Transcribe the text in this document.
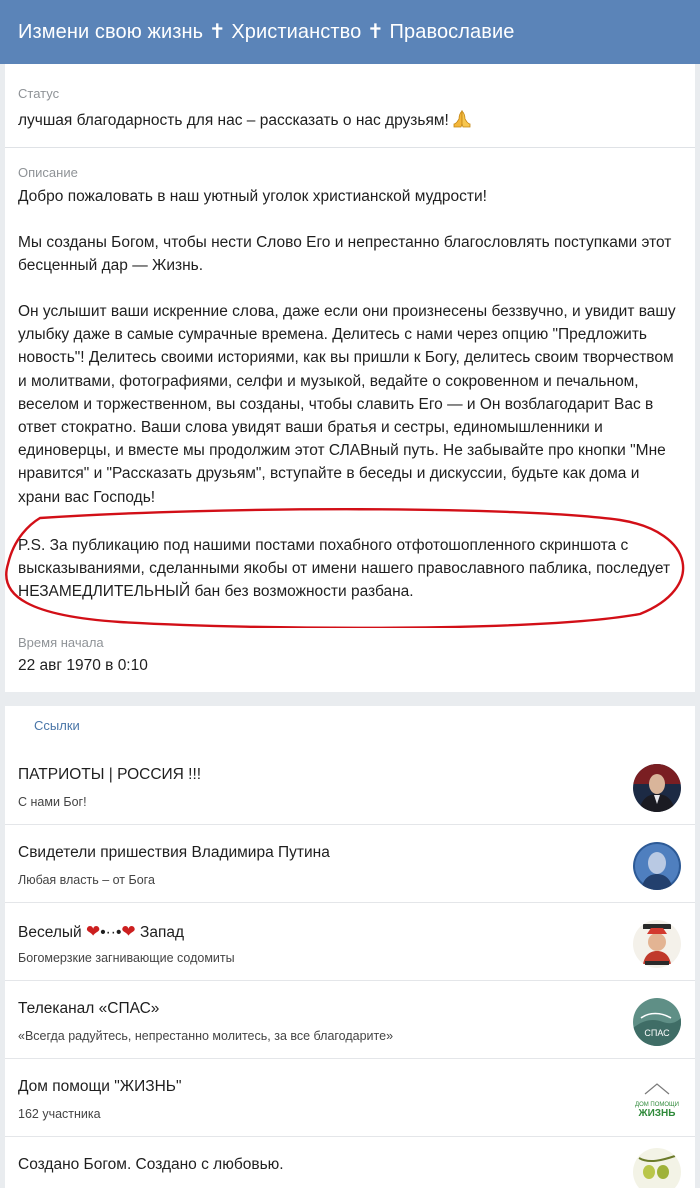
Измени свою жизнь ✝ Христианство ✝ Православие
Статус
лучшая благодарность для нас – рассказать о нас друзьям!
Описание
Добро пожаловать в наш уютный уголок христианской мудрости!
Мы созданы Богом, чтобы нести Слово Его и непрестанно благословлять поступками этот бесценный дар — Жизнь.
Он услышит ваши искренние слова, даже если они произнесены беззвучно, и увидит вашу улыбку даже в самые сумрачные времена. Делитесь с нами через опцию "Предложить новость"! Делитесь своими историями, как вы пришли к Богу, делитесь своим творчеством и молитвами, фотографиями, селфи и музыкой, ведайте о сокровенном и печальном, веселом и торжественном, вы созданы, чтобы славить Его — и Он возблагодарит Вас в ответ стократно. Ваши слова увидят ваши братья и сестры, единомышленники и единоверцы, и вместе мы продолжим этот СЛАВный путь. Не забывайте про кнопки "Мне нравится" и "Рассказать друзьям", вступайте в беседы и дискуссии, будьте как дома и храни вас Господь!
P.S. За публикацию под нашими постами похабного отфотошопленного скриншота с высказываниями, сделанными якобы от имени нашего православного паблика, последует НЕЗАМЕДЛИТЕЛЬНЫЙ бан без возможности разбана.
Время начала
22 авг 1970 в 0:10
Ссылки
ПАТРИОТЫ | РОССИЯ !!!
С нами Бог!
Свидетели пришествия Владимира Путина
Любая власть – от Бога
Веселый ❤•··•❤ Запад
Богомерзкие загнивающие содомиты
Телеканал «СПАС»
«Всегда радуйтесь, непрестанно молитесь, за все благодарите»	СПАС
Дом помощи "ЖИЗНЬ"
162 участника
ДОМ ПОМОЩИ
ЖИЗНЬ
Создано Богом. Создано с любовью.
